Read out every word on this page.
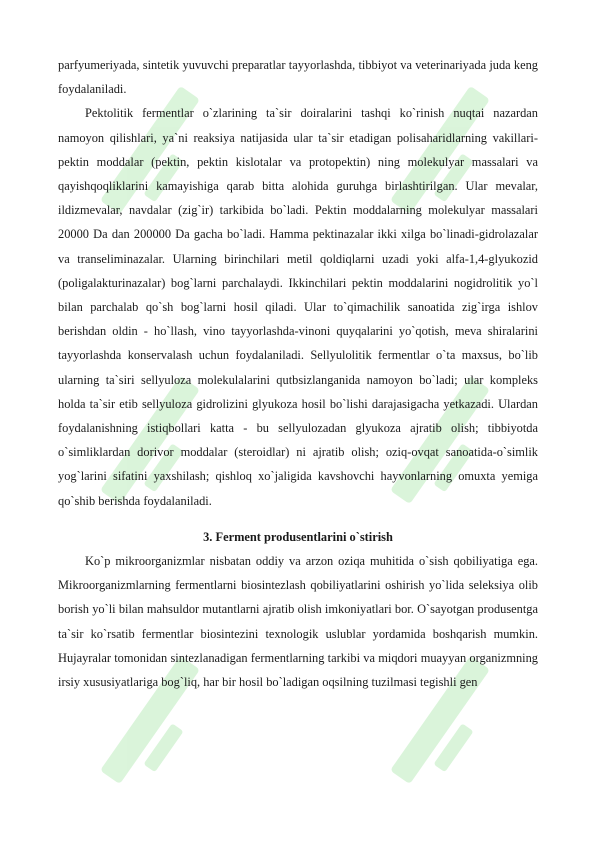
parfyumeriyada, sintetik yuvuvchi preparatlar tayyorlashda, tibbiyot va veterinariyada juda keng foydalaniladi.

Pektolitik fermentlar o`zlarining ta`sir doiralarini tashqi ko`rinish nuqtai nazardan namoyon qilishlari, ya`ni reaksiya natijasida ular ta`sir etadigan polisaharidlarning vakillari-pektin moddalar (pektin, pektin kislotalar va protopektin) ning molekulyar massalari va qayishqoqliklarini kamayishiga qarab bitta alohida guruhga birlashtirilgan. Ular mevalar, ildizmevalar, navdalar (zig`ir) tarkibida bo`ladi. Pektin moddalarning molekulyar massalari 20000 Da dan 200000 Da gacha bo`ladi. Hamma pektinazalar ikki xilga bo`linadi-gidrolazalar va transeliminazalar. Ularning birinchilari metil qoldiqlarni uzadi yoki alfa-1,4-glyukozid (poligalakturinazalar) bog`larni parchalaydi. Ikkinchilari pektin moddalarini nogidrolitik yo`l bilan parchalab qo`sh bog`larni hosil qiladi. Ular to`qimachilik sanoatida zig`irga ishlov berishdan oldin - ho`llash, vino tayyorlashda-vinoni quyqalarini yo`qotish, meva shiralarini tayyorlashda konservalash uchun foydalaniladi. Sellyulolitik fermentlar o`ta maxsus, bo`lib ularning ta`siri sellyuloza molekulalarini qutbsizlanganida namoyon bo`ladi; ular kompleks holda ta`sir etib sellyuloza gidrolizini glyukoza hosil bo`lishi darajasigacha yetkazadi. Ulardan foydalanishning istiqbollari katta - bu sellyulozadan glyukoza ajratib olish; tibbiyotda o`simliklardan dorivor moddalar (steroidlar) ni ajratib olish; oziq-ovqat sanoatida-o`simlik yog`larini sifatini yaxshilash; qishloq xo`jaligida kavshovchi hayvonlarning omuxta yemiga qo`shib berishda foydalaniladi.

3. Ferment produsentlarini o`stirish

Ko`p mikroorganizmlar nisbatan oddiy va arzon oziqa muhitida o`sish qobiliyatiga ega. Mikroorganizmlarning fermentlarni biosintezlash qobiliyatlarini oshirish yo`lida seleksiya olib borish yo`li bilan mahsuldor mutantlarni ajratib olish imkoniyatlari bor. O`sayotgan produsentga ta`sir ko`rsatib fermentlar biosintezini texnologik uslublar yordamida boshqarish mumkin. Hujayralar tomonidan sintezlanadigan fermentlarning tarkibi va miqdori muayyan organizmning irsiy xususiyatlariga bog`liq, har bir hosil bo`ladigan oqsilning tuzilmasi tegishli gen
